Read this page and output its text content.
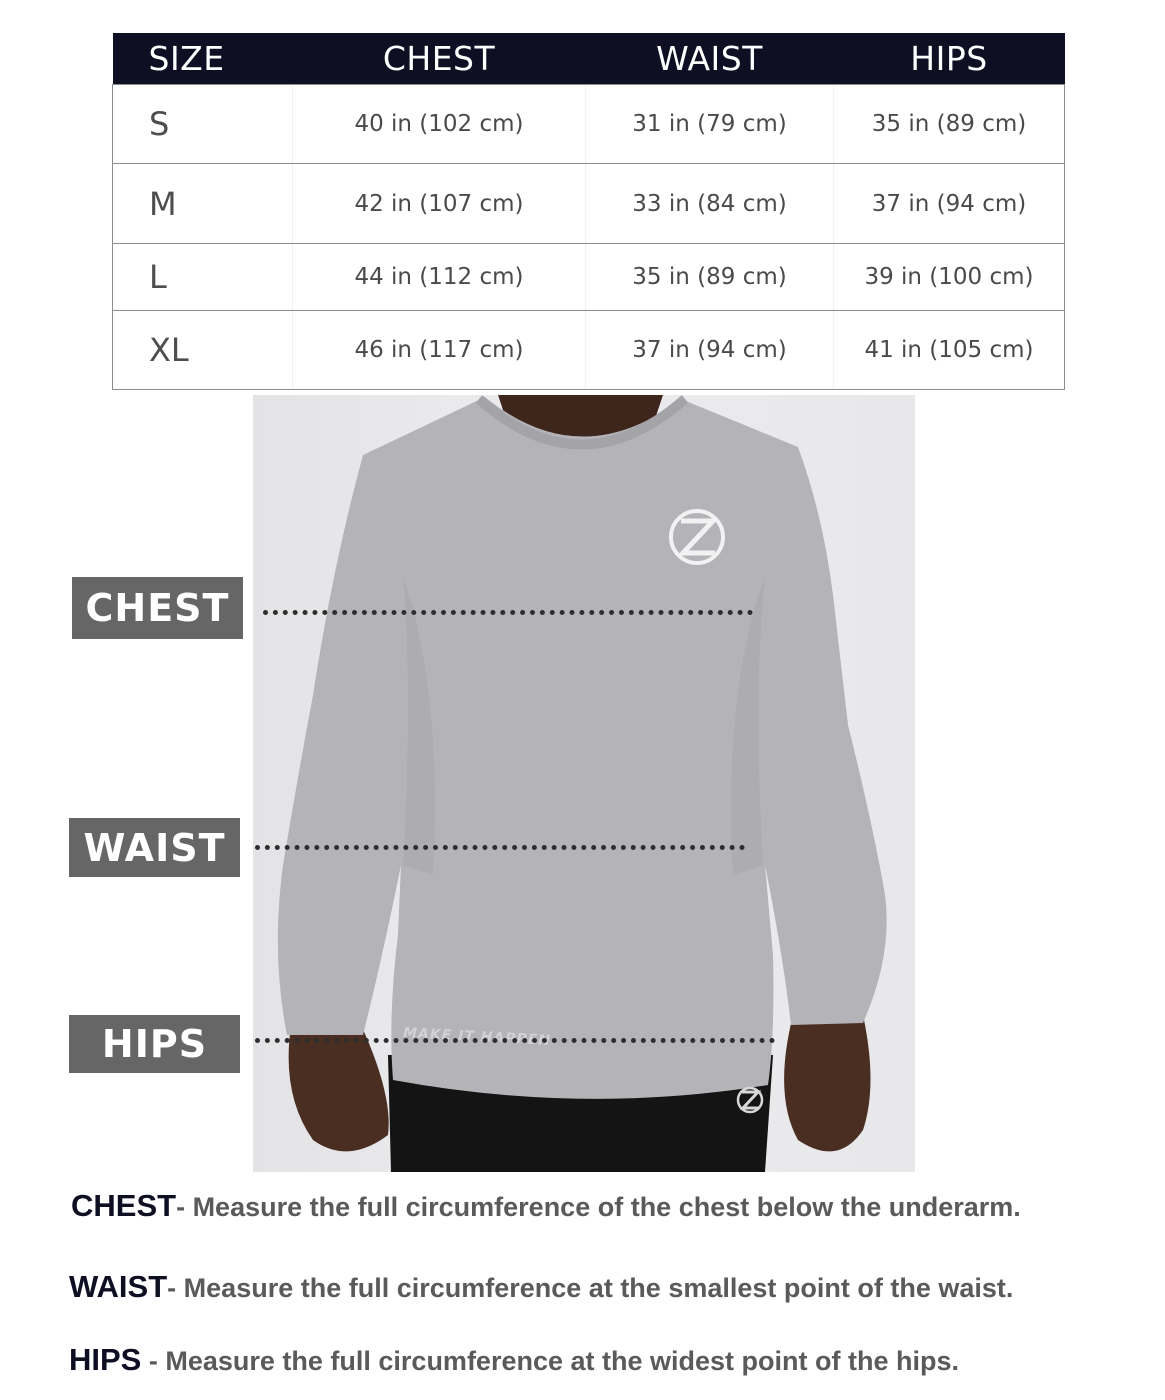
SIZE	CHEST	WAIST	HIPS
S	40 in (102 cm)	31 in (79 cm)	35 in (89 cm)
M	42 in (107 cm)	33 in (84 cm)	37 in (94 cm)
L	44 in (112 cm)	35 in (89 cm)	39 in (100 cm)
XL	46 in (117 cm)	37 in (94 cm)	41 in (105 cm)
MAKE IT HAPPEN
CHEST
WAIST
HIPS
CHEST- Measure the full circumference of the chest below the underarm.
WAIST- Measure the full circumference at the smallest point of the waist.
HIPS - Measure the full circumference at the widest point of the hips.
